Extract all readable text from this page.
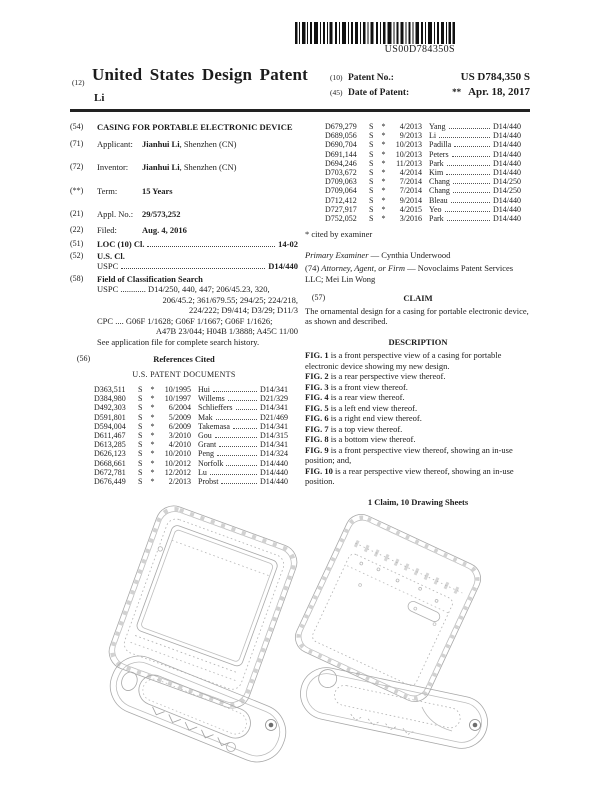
US00D784350S
(12) United States Design Patent
Li
(10) Patent No.:	US D784,350 S
(45) Date of Patent:	** Apr. 18, 2017
(54)	CASING FOR PORTABLE ELECTRONIC DEVICE
(71)	Applicant: Jianhui Li, Shenzhen (CN)
(72)	Inventor: Jianhui Li, Shenzhen (CN)
(**)	Term:	15 Years
(21)	Appl. No.: 29/573,252
(22)	Filed:	Aug. 4, 2016
(51)	LOC (10) Cl.	14-02
(52)	U.S. Cl.
USPC	D14/440
(58)	Field of Classification Search
USPC ............ D14/250, 440, 447; 206/45.23, 320,
206/45.2; 361/679.55; 294/25; 224/218,
224/222; D9/414; D3/29; D11/3
CPC .... G06F 1/1628; G06F 1/1667; G06F 1/1626;
A47B 23/044; H04B 1/3888; A45C 11/00
See application file for complete search history.
(56)	References Cited
U.S. PATENT DOCUMENTS
D363,511	S	*	10/1995 Hui	D14/341
D384,980	S	*	10/1997 Willems	D21/329
D492,303	S	*	6/2004 Schlieffers	D14/341
D591,801	S	*	5/2009 Mak	D21/469
D594,004	S	*	6/2009 Takemasa	D14/341
D611,467	S	*	3/2010 Gou	D14/315
D613,285	S	*	4/2010 Grant	D14/341
D626,123	S	*	10/2010 Peng	D14/324
D668,661	S	*	10/2012 Norfolk	D14/440
D672,781	S	*	12/2012 Lu	D14/440
D676,449	S	*	2/2013 Probst	D14/440
D679,279	S	*	4/2013 Yang	D14/440
D689,056	S	*	9/2013 Li	D14/440
D690,704	S	*	10/2013 Padilla	D14/440
D691,144	S	*	10/2013 Peters	D14/440
D694,246	S	*	11/2013 Park	D14/440
D703,672	S	*	4/2014 Kim	D14/440
D709,063	S	*	7/2014 Chang	D14/250
D709,064	S	*	7/2014 Chang	D14/250
D712,412	S	*	9/2014 Bleau	D14/440
D727,917	S	*	4/2015 Yeo	D14/440
D752,052	S	*	3/2016 Park	D14/440
* cited by examiner
Primary Examiner — Cynthia Underwood
(74) Attorney, Agent, or Firm — Novoclaims Patent Services LLC; Mei Lin Wong
(57)	CLAIM
The ornamental design for a casing for portable electronic device, as shown and described.
DESCRIPTION
FIG. 1 is a front perspective view of a casing for portable electronic device showing my new design.
FIG. 2 is a rear perspective view thereof.
FIG. 3 is a front view thereof.
FIG. 4 is a rear view thereof.
FIG. 5 is a left end view thereof.
FIG. 6 is a right end view thereof.
FIG. 7 is a top view thereof.
FIG. 8 is a bottom view thereof.
FIG. 9 is a front perspective view thereof, showing an in-use position; and,
FIG. 10 is a rear perspective view thereof, showing an in-use position.
1 Claim, 10 Drawing Sheets
